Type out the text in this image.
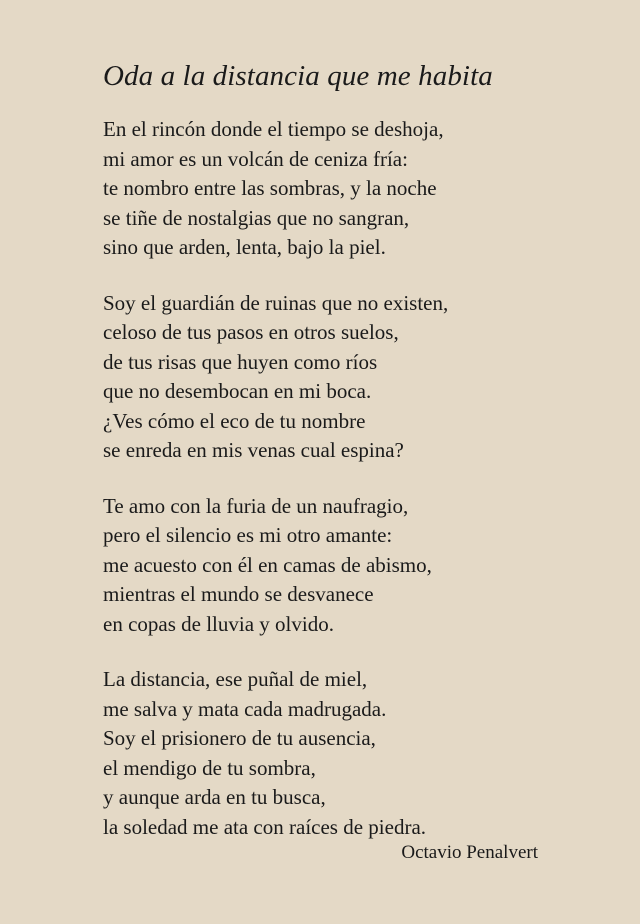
Oda a la distancia que me habita
En el rincón donde el tiempo se deshoja,
mi amor es un volcán de ceniza fría:
te nombro entre las sombras, y la noche
se tiñe de nostalgias que no sangran,
sino que arden, lenta, bajo la piel.
Soy el guardián de ruinas que no existen,
celoso de tus pasos en otros suelos,
de tus risas que huyen como ríos
que no desembocan en mi boca.
¿Ves cómo el eco de tu nombre
se enreda en mis venas cual espina?
Te amo con la furia de un naufragio,
pero el silencio es mi otro amante:
me acuesto con él en camas de abismo,
mientras el mundo se desvanece
en copas de lluvia y olvido.
La distancia, ese puñal de miel,
me salva y mata cada madrugada.
Soy el prisionero de tu ausencia,
el mendigo de tu sombra,
y aunque arda en tu busca,
la soledad me ata con raíces de piedra.
Octavio Penalvert
